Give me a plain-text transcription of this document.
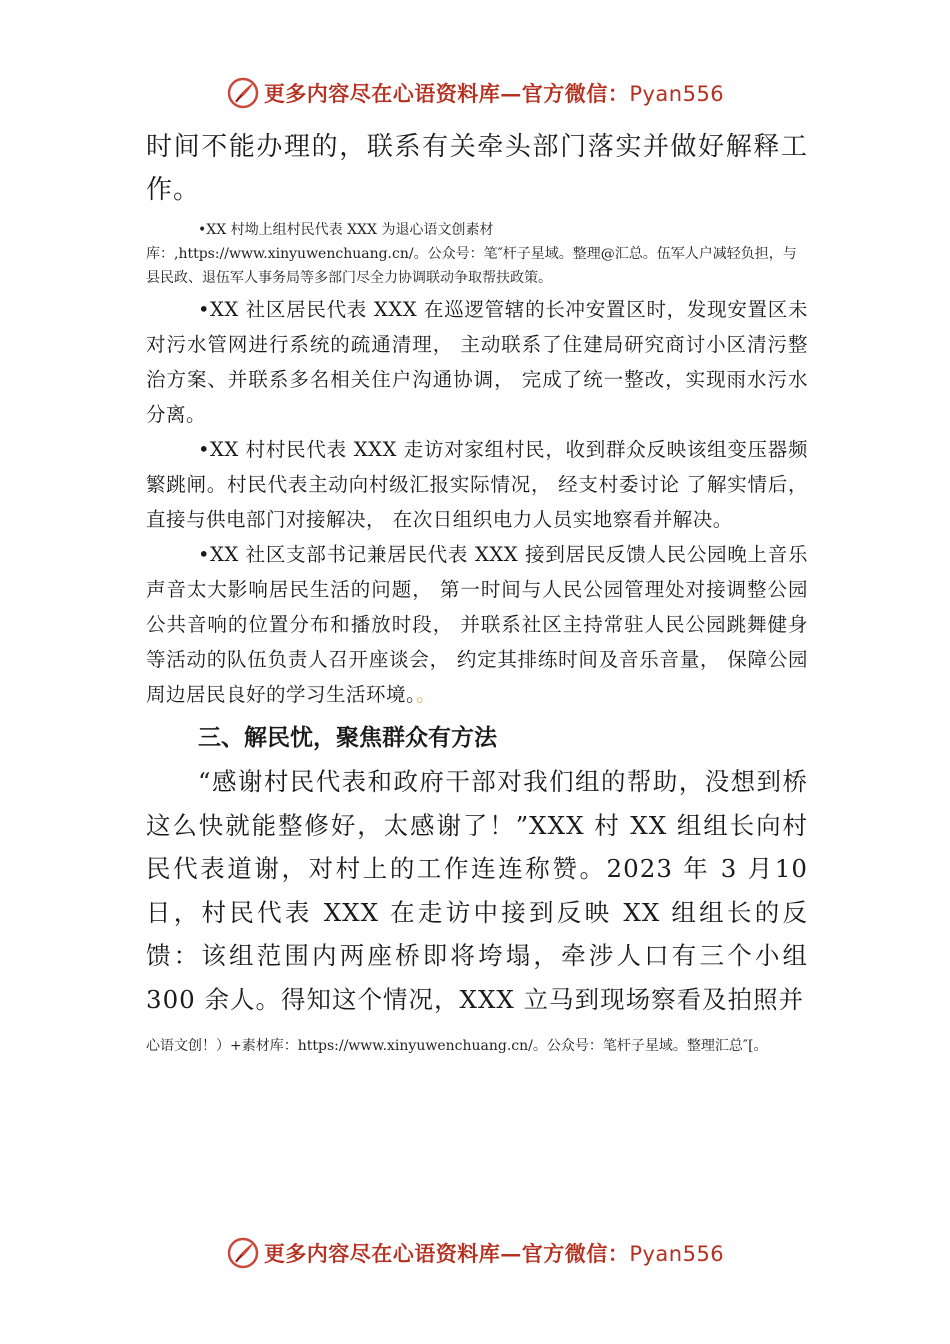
更多内容尽在心语资料库—官方微信：Pyan556

时间不能办理的，联系有关牵头部门落实并做好解释工作。

•XX 村坳上组村民代表 XXX 为退心语文创素材
库：,https://www.xinyuwenchuang.cn/。公众号：笔″杆子星域。整理@汇总。伍军人户减轻负担，与县民政、退伍军人事务局等多部门尽全力协调联动争取帮扶政策。

•XX 社区居民代表 XXX 在巡逻管辖的长冲安置区时，发现安置区未对污水管网进行系统的疏通清理， 主动联系了住建局研究商讨小区清污整治方案、并联系多名相关住户沟通协调， 完成了统一整改，实现雨水污水分离。

•XX 村村民代表 XXX 走访对家组村民，收到群众反映该组变压器频繁跳闸。村民代表主动向村级汇报实际情况， 经支村委讨论 了解实情后， 直接与供电部门对接解决， 在次日组织电力人员实地察看并解决。

•XX 社区支部书记兼居民代表 XXX 接到居民反馈人民公园晚上音乐声音太大影响居民生活的问题， 第一时间与人民公园管理处对接调整公园公共音响的位置分布和播放时段， 并联系社区主持常驻人民公园跳舞健身等活动的队伍负责人召开座谈会， 约定其排练时间及音乐音量， 保障公园周边居民良好的学习生活环境。。

三、解民忧，聚焦群众有方法

“感谢村民代表和政府干部对我们组的帮助，没想到桥这么快就能整修好，太感谢了！”XXX 村 XX 组组长向村民代表道谢，对村上的工作连连称赞。2023 年 3 月10 日，村民代表 XXX 在走访中接到反映 XX 组组长的反馈：该组范围内两座桥即将垮塌，牵涉人口有三个小组 300 余人。得知这个情况，XXX 立马到现场察看及拍照并

心语文创！）+素材库：https://www.xinyuwenchuang.cn/。公众号：笔杆子星域。整理汇总″[。

更多内容尽在心语资料库—官方微信：Pyan556
